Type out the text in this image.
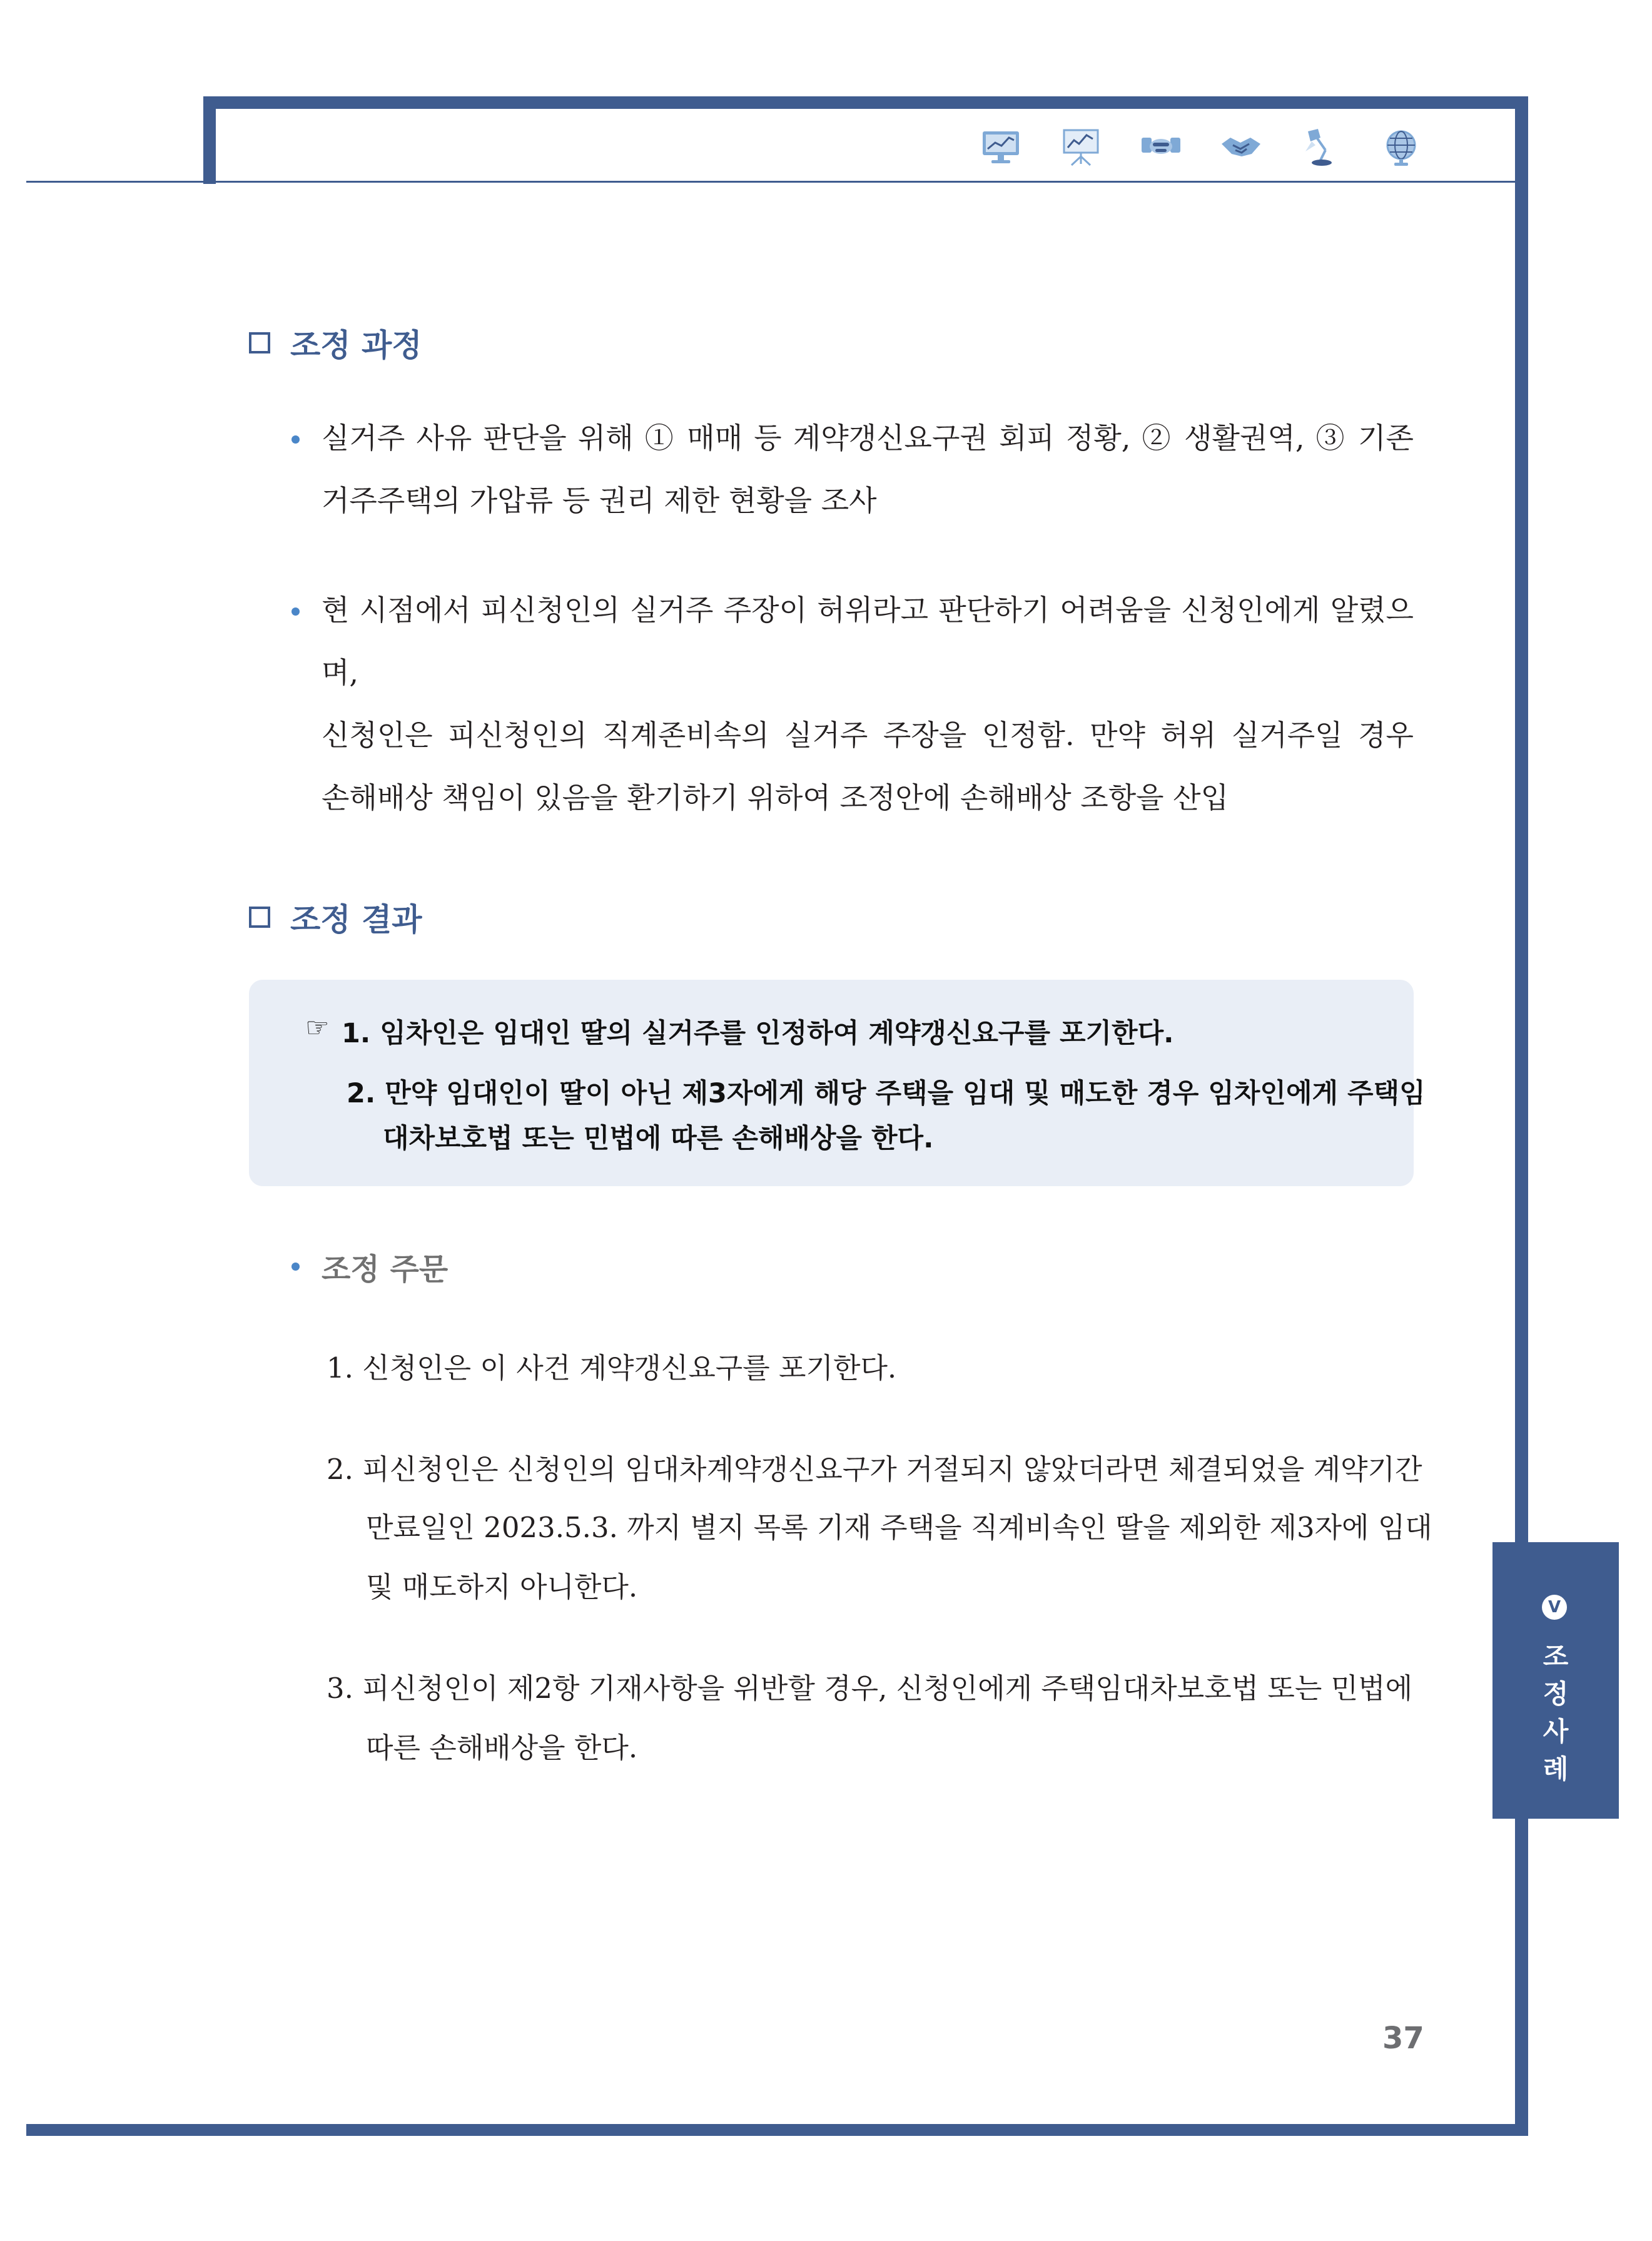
조정 과정
실거주 사유 판단을 위해 ① 매매 등 계약갱신요구권 회피 정황, ② 생활권역, ③ 기존
거주주택의 가압류 등 권리 제한 현황을 조사
현 시점에서 피신청인의 실거주 주장이 허위라고 판단하기 어려움을 신청인에게 알렸으며,
신청인은 피신청인의 직계존비속의 실거주 주장을 인정함. 만약 허위 실거주일 경우
손해배상 책임이 있음을 환기하기 위하여 조정안에 손해배상 조항을 산입
조정 결과
☞ 1. 임차인은 임대인 딸의 실거주를 인정하여 계약갱신요구를 포기한다.
2. 만약 임대인이 딸이 아닌 제3자에게 해당 주택을 임대 및 매도한 경우 임차인에게 주택임
대차보호법 또는 민법에 따른 손해배상을 한다.
조정 주문
1. 신청인은 이 사건 계약갱신요구를 포기한다.
2. 피신청인은 신청인의 임대차계약갱신요구가 거절되지 않았더라면 체결되었을 계약기간
만료일인 2023.5.3. 까지 별지 목록 기재 주택을 직계비속인 딸을 제외한 제3자에 임대
및 매도하지 아니한다.
3. 피신청인이 제2항 기재사항을 위반할 경우, 신청인에게 주택임대차보호법 또는 민법에
따른 손해배상을 한다.
V
조
정
사
례
37
